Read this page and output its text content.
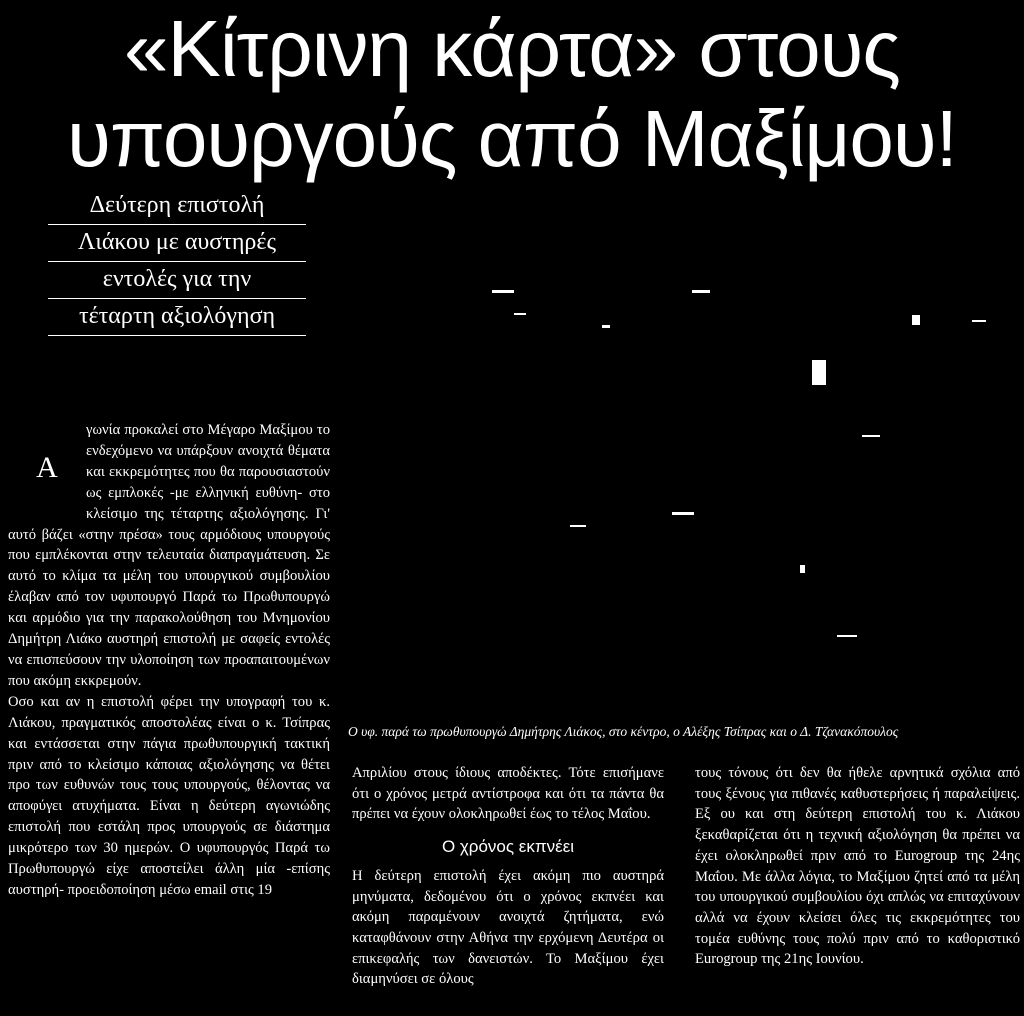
«Κίτρινη κάρτα» στους
υπουργούς από Μαξίμου!
Δεύτερη επιστολή
Λιάκου με αυστηρές
εντολές για την
τέταρτη αξιολόγηση
Ο υφ. παρά τω πρωθυπουργώ Δημήτρης Λιάκος, στο κέντρο, ο Αλέξης Τσίπρας και ο Δ. Τζανακόπουλος
Α

γωνία προκαλεί στο Μέγαρο Μαξίμου το ενδεχόμενο να υπάρξουν ανοιχτά θέματα και εκκρεμότητες που θα παρουσιαστούν ως εμπλοκές -με ελληνική ευθύνη- στο κλείσιμο της τέταρτης αξιολόγησης. Γι' αυτό βάζει «στην πρέσα» τους αρμόδιους υπουργούς που εμπλέκονται στην τελευταία διαπραγμάτευση. Σε αυτό το κλίμα τα μέλη του υπουργικού συμβουλίου έλαβαν από τον υφυπουργό Παρά τω Πρωθυπουργώ και αρμόδιο για την παρακολούθηση του Μνημονίου Δημήτρη Λιάκο αυστηρή επιστολή με σαφείς εντολές να επισπεύσουν την υλοποίηση των προαπαιτουμένων που ακόμη εκκρεμούν.

Οσο και αν η επιστολή φέρει την υπογραφή του κ. Λιάκου, πραγματικός αποστολέας είναι ο κ. Τσίπρας και εντάσσεται στην πάγια πρωθυπουργική τακτική πριν από το κλείσιμο κάποιας αξιολόγησης να θέτει προ των ευθυνών τους τους υπουργούς, θέλοντας να αποφύγει ατυχήματα. Είναι η δεύτερη αγωνιώδης επιστολή που εστάλη προς υπουργούς σε διάστημα μικρότερο των 30 ημερών. Ο υφυπουργός Παρά τω Πρωθυπουργώ είχε αποστείλει άλλη μία -επίσης αυστηρή- προειδοποίηση μέσω email στις 19

Απριλίου στους ίδιους αποδέκτες. Τότε επισήμανε ότι ο χρόνος μετρά αντίστροφα και ότι τα πάντα θα πρέπει να έχουν ολοκληρωθεί έως το τέλος Μαΐου.

Ο χρόνος εκπνέει

Η δεύτερη επιστολή έχει ακόμη πιο αυστηρά μηνύματα, δεδομένου ότι ο χρόνος εκπνέει και ακόμη παραμένουν ανοιχτά ζητήματα, ενώ καταφθάνουν στην Αθήνα την ερχόμενη Δευτέρα οι επικεφαλής των δανειστών. Το Μαξίμου έχει διαμηνύσει σε όλους

τους τόνους ότι δεν θα ήθελε αρνητικά σχόλια από τους ξένους για πιθανές καθυστερήσεις ή παραλείψεις. Εξ ου και στη δεύτερη επιστολή του κ. Λιάκου ξεκαθαρίζεται ότι η τεχνική αξιολόγηση θα πρέπει να έχει ολοκληρωθεί πριν από το Eurogroup της 24ης Μαΐου. Με άλλα λόγια, το Μαξίμου ζητεί από τα μέλη του υπουργικού συμβουλίου όχι απλώς να επιταχύνουν αλλά να έχουν κλείσει όλες τις εκκρεμότητες του τομέα ευθύνης τους πολύ πριν από το καθοριστικό Eurogroup της 21ης Ιουνίου.
